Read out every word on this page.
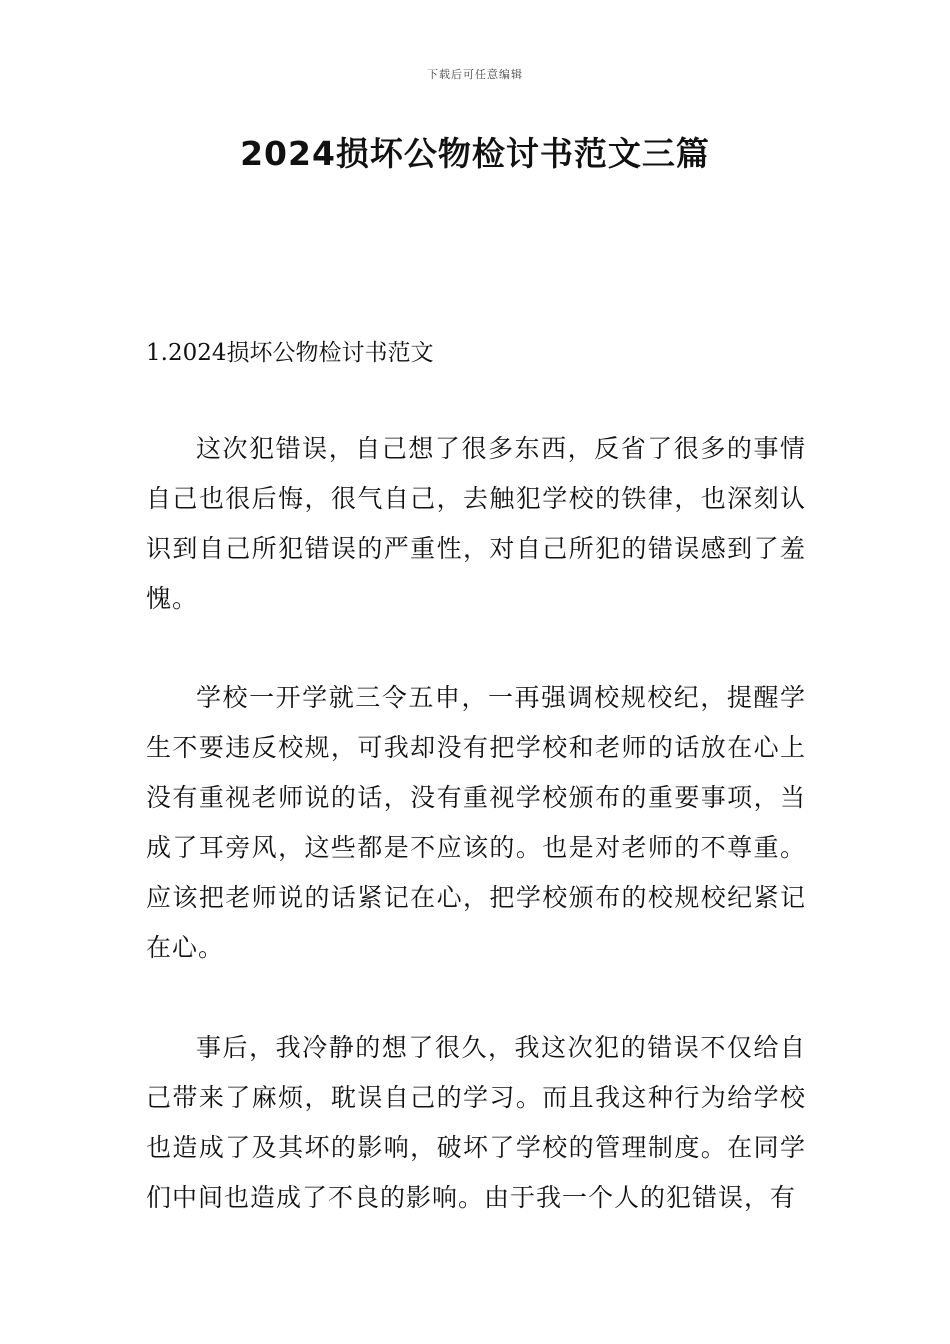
下载后可任意编辑
2024损坏公物检讨书范文三篇
1.2024损坏公物检讨书范文

这次犯错误，自己想了很多东西，反省了很多的事情自己也很后悔，很气自己，去触犯学校的铁律，也深刻认识到自己所犯错误的严重性，对自己所犯的错误感到了羞愧。

学校一开学就三令五申，一再强调校规校纪，提醒学生不要违反校规，可我却没有把学校和老师的话放在心上没有重视老师说的话，没有重视学校颁布的重要事项，当成了耳旁风，这些都是不应该的。也是对老师的不尊重。应该把老师说的话紧记在心，把学校颁布的校规校纪紧记在心。

事后，我冷静的想了很久，我这次犯的错误不仅给自己带来了麻烦，耽误自己的学习。而且我这种行为给学校也造成了及其坏的影响，破坏了学校的管理制度。在同学们中间也造成了不良的影响。由于我一个人的犯错误，有
